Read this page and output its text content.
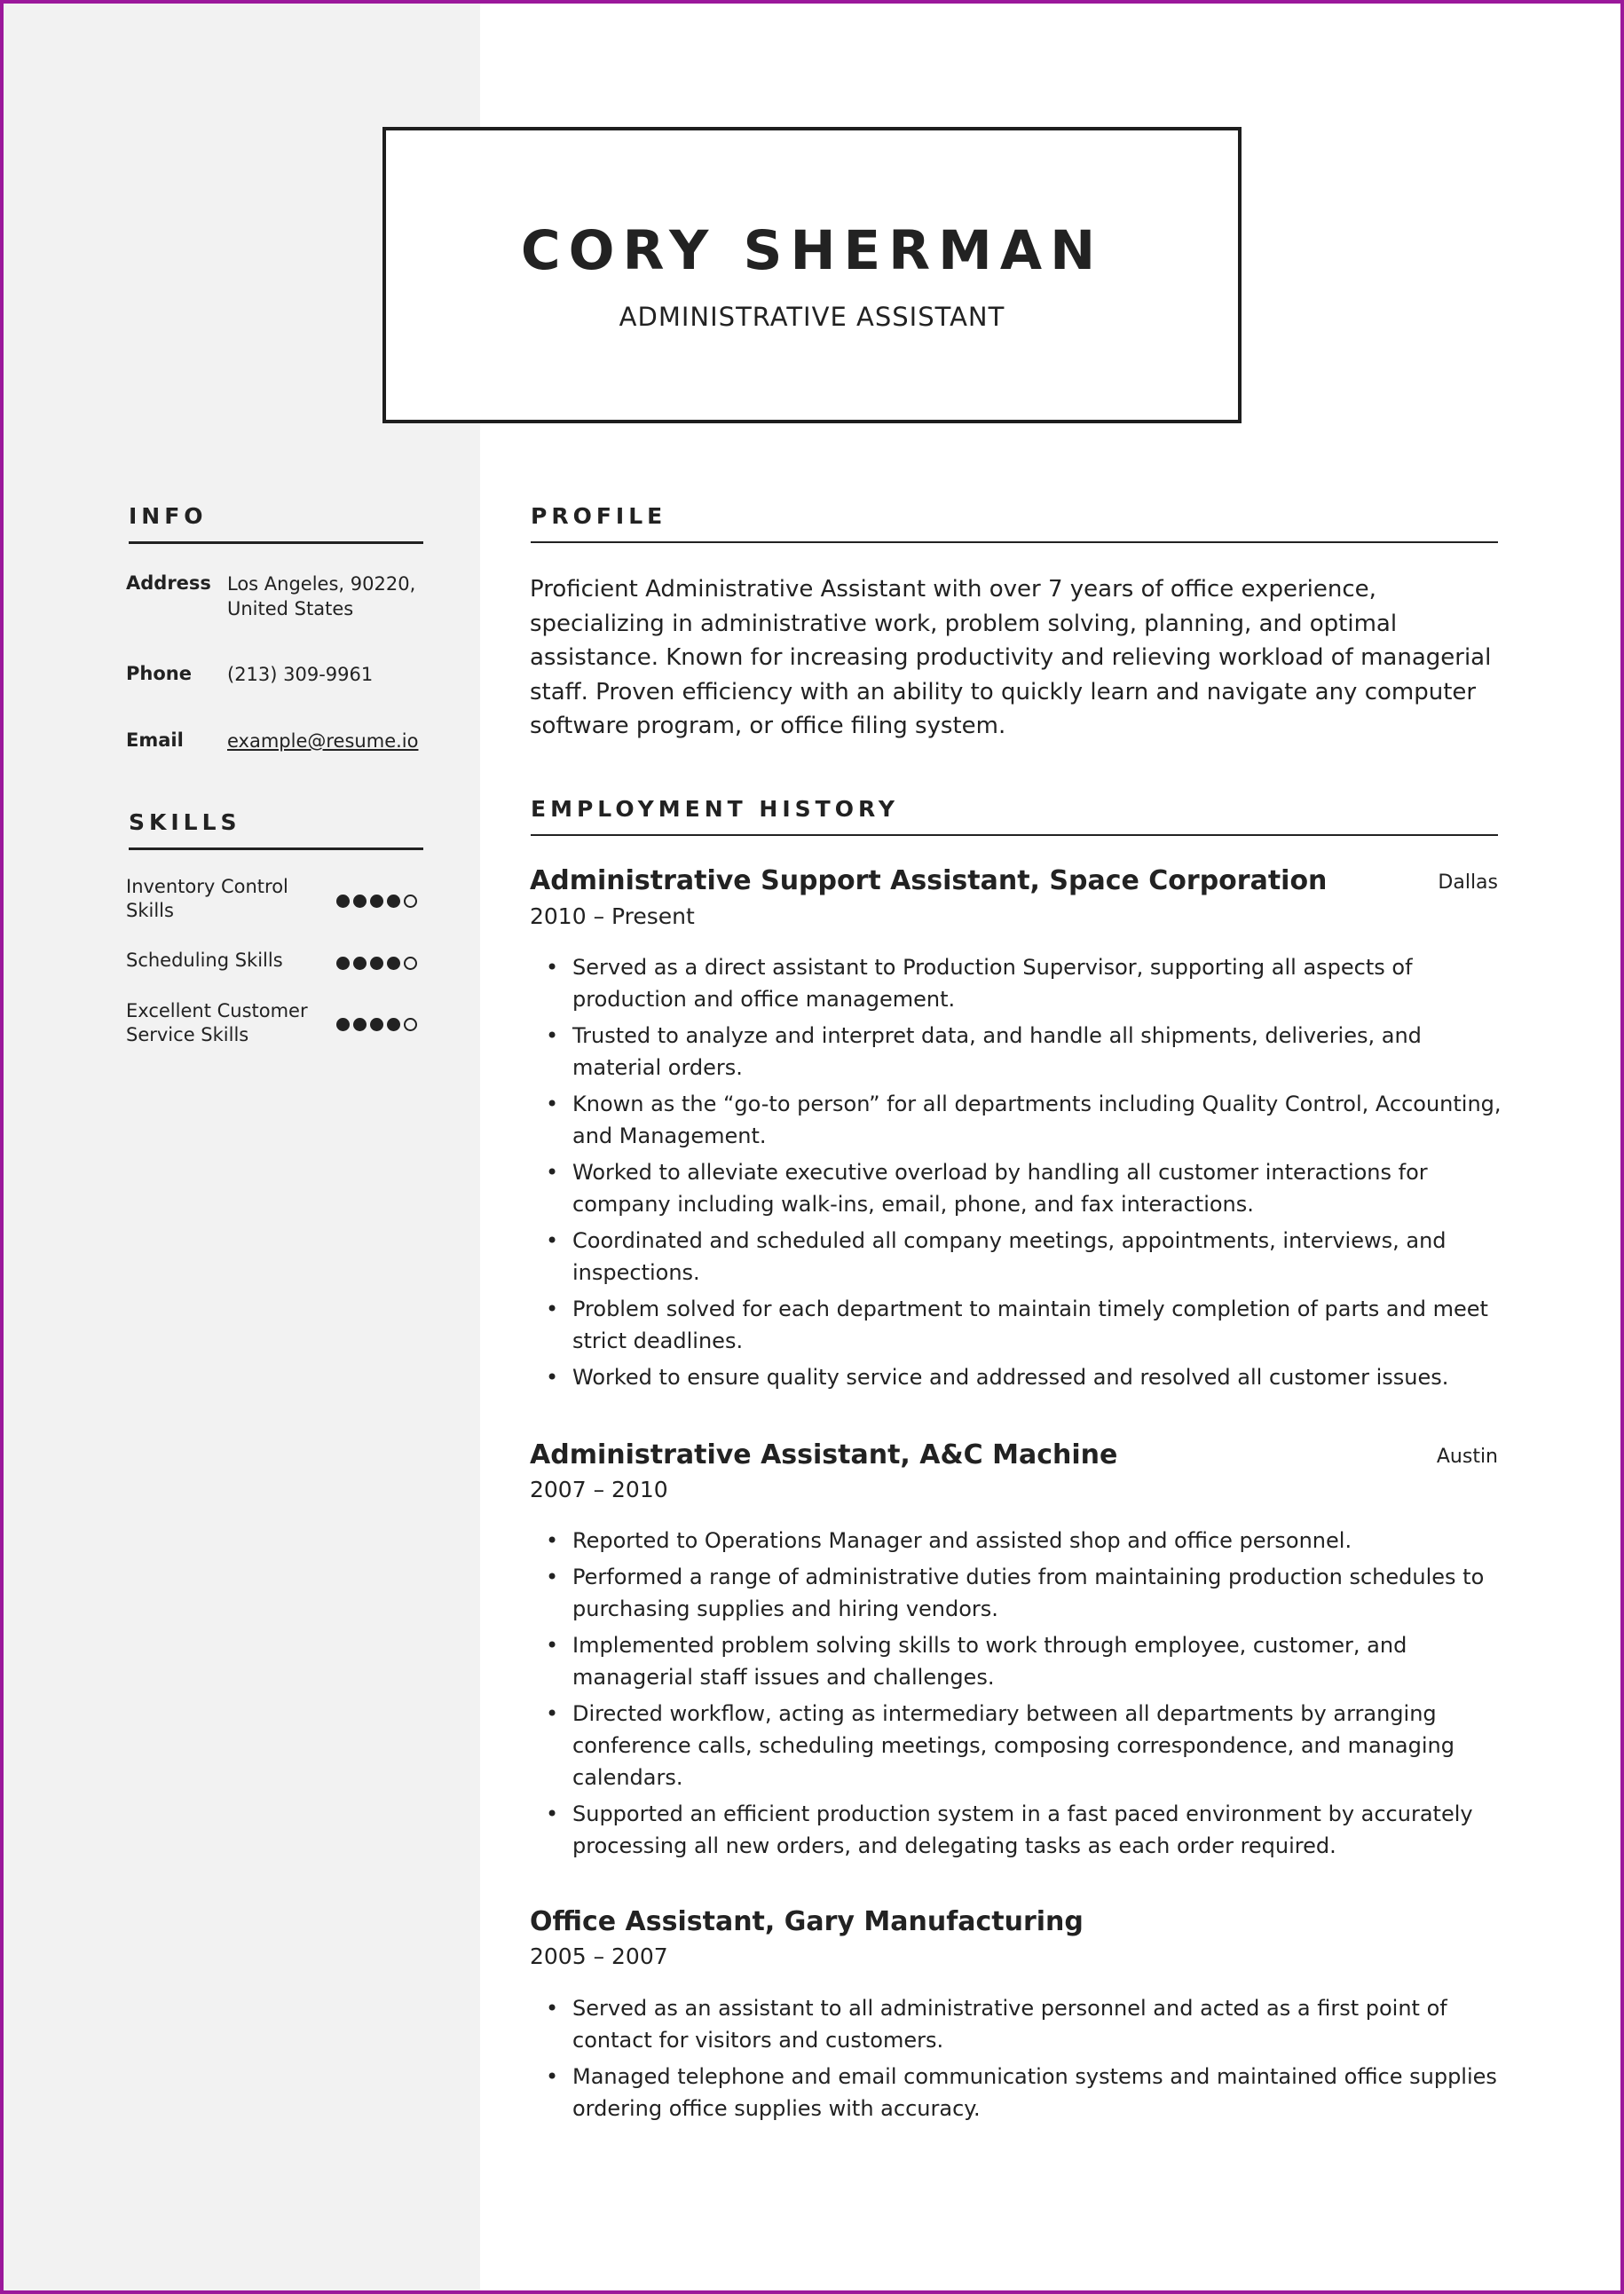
CORY SHERMAN
ADMINISTRATIVE ASSISTANT
INFO
Address Los Angeles, 90220, United States
Phone (213) 309-9961
Email example@resume.io
SKILLS
Inventory Control Skills
Scheduling Skills
Excellent Customer Service Skills
PROFILE
Proficient Administrative Assistant with over 7 years of office experience, specializing in administrative work, problem solving, planning, and optimal assistance. Known for increasing productivity and relieving workload of managerial staff. Proven efficiency with an ability to quickly learn and navigate any computer software program, or office filing system.
EMPLOYMENT HISTORY
Administrative Support Assistant, Space Corporation	Dallas
2010 – Present
• Served as a direct assistant to Production Supervisor, supporting all aspects of production and office management.
• Trusted to analyze and interpret data, and handle all shipments, deliveries, and material orders.
• Known as the “go-to person” for all departments including Quality Control, Accounting, and Management.
• Worked to alleviate executive overload by handling all customer interactions for company including walk-ins, email, phone, and fax interactions.
• Coordinated and scheduled all company meetings, appointments, interviews, and inspections.
• Problem solved for each department to maintain timely completion of parts and meet strict deadlines.
• Worked to ensure quality service and addressed and resolved all customer issues.
Administrative Assistant, A&C Machine	Austin
2007 – 2010
• Reported to Operations Manager and assisted shop and office personnel.
• Performed a range of administrative duties from maintaining production schedules to purchasing supplies and hiring vendors.
• Implemented problem solving skills to work through employee, customer, and managerial staff issues and challenges.
• Directed workflow, acting as intermediary between all departments by arranging conference calls, scheduling meetings, composing correspondence, and managing calendars.
• Supported an efficient production system in a fast paced environment by accurately processing all new orders, and delegating tasks as each order required.
Office Assistant, Gary Manufacturing
2005 – 2007
• Served as an assistant to all administrative personnel and acted as a first point of contact for visitors and customers.
• Managed telephone and email communication systems and maintained office supplies ordering office supplies with accuracy.
